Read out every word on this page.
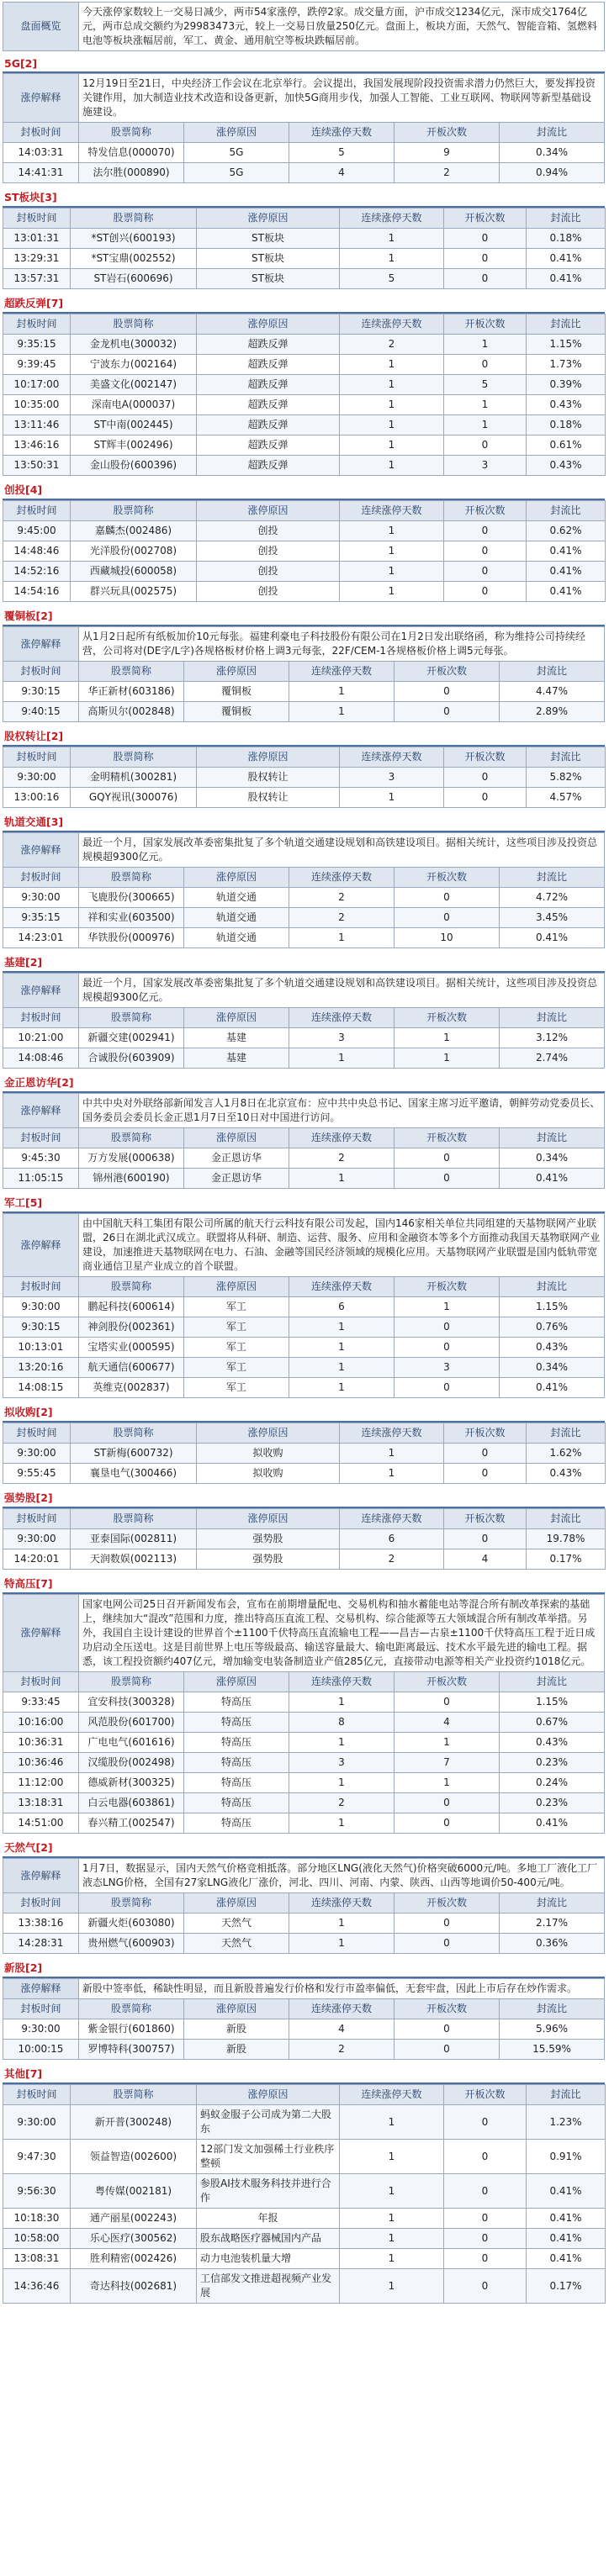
盘面概览	今天涨停家数较上一交易日减少，两市54家涨停，跌停2家。成交量方面，沪市成交1234亿元，深市成交1764亿元，两市总成交额约为29983473元，较上一交易日放量250亿元。盘面上，板块方面，天然气、智能音箱、氢燃料电池等板块涨幅居前，军工、黄金、通用航空等板块跌幅居前。
5G[2]
涨停解释	12月19日至21日，中央经济工作会议在北京举行。会议提出，我国发展现阶段投资需求潜力仍然巨大，要发挥投资关键作用，加大制造业技术改造和设备更新，加快5G商用步伐，加强人工智能、工业互联网、物联网等新型基础设施建设。				
封板时间	股票简称	涨停原因	连续涨停天数	开板次数	封流比
14:03:31	特发信息(000070)	5G	5	9	0.34%
14:41:31	法尔胜(000890)	5G	4	2	0.94%
ST板块[3]
封板时间	股票简称	涨停原因	连续涨停天数	开板次数	封流比
13:01:31	*ST创兴(600193)	ST板块	1	0	0.18%
13:29:31	*ST宝鼎(002552)	ST板块	1	0	0.41%
13:57:31	ST岩石(600696)	ST板块	5	0	0.41%
超跌反弹[7]
封板时间	股票简称	涨停原因	连续涨停天数	开板次数	封流比
9:35:15	金龙机电(300032)	超跌反弹	2	1	1.15%
9:39:45	宁波东力(002164)	超跌反弹	1	0	1.73%
10:17:00	美盛文化(002147)	超跌反弹	1	5	0.39%
10:35:00	深南电A(000037)	超跌反弹	1	1	0.43%
13:11:46	ST中南(002445)	超跌反弹	1	1	0.18%
13:46:16	ST辉丰(002496)	超跌反弹	1	0	0.61%
13:50:31	金山股份(600396)	超跌反弹	1	3	0.43%
创投[4]
封板时间	股票简称	涨停原因	连续涨停天数	开板次数	封流比
9:45:00	嘉麟杰(002486)	创投	1	0	0.62%
14:48:46	光洋股份(002708)	创投	1	0	0.41%
14:52:16	西藏城投(600058)	创投	1	0	0.41%
14:54:16	群兴玩具(002575)	创投	1	0	0.41%
覆铜板[2]
涨停解释	从1月2日起所有纸板加价10元每张。福建利豪电子科技股份有限公司在1月2日发出联络函，称为维持公司持续经营，公司将对(DE字/L字)各规格板材价格上调3元每张，22F/CEM-1各规格板价格上调5元每张。				
封板时间	股票简称	涨停原因	连续涨停天数	开板次数	封流比
9:30:15	华正新材(603186)	覆铜板	1	0	4.47%
9:40:15	高斯贝尔(002848)	覆铜板	1	0	2.89%
股权转让[2]
封板时间	股票简称	涨停原因	连续涨停天数	开板次数	封流比
9:30:00	金明精机(300281)	股权转让	3	0	5.82%
13:00:16	GQY视讯(300076)	股权转让	1	0	4.57%
轨道交通[3]
涨停解释	最近一个月，国家发展改革委密集批复了多个轨道交通建设规划和高铁建设项目。据相关统计，这些项目涉及投资总规模超9300亿元。				
封板时间	股票简称	涨停原因	连续涨停天数	开板次数	封流比
9:30:00	飞鹿股份(300665)	轨道交通	2	0	4.72%
9:35:15	祥和实业(603500)	轨道交通	2	0	3.45%
14:23:01	华铁股份(000976)	轨道交通	1	10	0.41%
基建[2]
涨停解释	最近一个月，国家发展改革委密集批复了多个轨道交通建设规划和高铁建设项目。据相关统计，这些项目涉及投资总规模超9300亿元。				
封板时间	股票简称	涨停原因	连续涨停天数	开板次数	封流比
10:21:00	新疆交建(002941)	基建	3	1	3.12%
14:08:46	合诚股份(603909)	基建	1	1	2.74%
金正恩访华[2]
涨停解释	中共中央对外联络部新闻发言人1月8日在北京宣布：应中共中央总书记、国家主席习近平邀请，朝鲜劳动党委员长、国务委员会委员长金正恩1月7日至10日对中国进行访问。				
封板时间	股票简称	涨停原因	连续涨停天数	开板次数	封流比
9:45:30	万方发展(000638)	金正恩访华	2	0	0.34%
11:05:15	锦州港(600190)	金正恩访华	1	0	0.41%
军工[5]
涨停解释	由中国航天科工集团有限公司所属的航天行云科技有限公司发起，国内146家相关单位共同组建的天基物联网产业联盟，26日在湖北武汉成立。联盟将从科研、制造、运营、服务、应用和金融资本等多个方面推动我国天基物联网产业建设，加速推进天基物联网在电力、石油、金融等国民经济领域的规模化应用。天基物联网产业联盟是国内低轨带宽商业通信卫星产业成立的首个联盟。				
封板时间	股票简称	涨停原因	连续涨停天数	开板次数	封流比
9:30:00	鹏起科技(600614)	军工	6	1	1.15%
9:30:15	神剑股份(002361)	军工	1	0	0.76%
10:13:01	宝塔实业(000595)	军工	1	0	0.43%
13:20:16	航天通信(600677)	军工	1	3	0.34%
14:08:15	英维克(002837)	军工	1	0	0.41%
拟收购[2]
封板时间	股票简称	涨停原因	连续涨停天数	开板次数	封流比
9:30:00	ST新梅(600732)	拟收购	1	0	1.62%
9:55:45	襄垦电气(300466)	拟收购	1	0	0.43%
强势股[2]
封板时间	股票简称	涨停原因	连续涨停天数	开板次数	封流比
9:30:00	亚泰国际(002811)	强势股	6	0	19.78%
14:20:01	天润数娱(002113)	强势股	2	4	0.17%
特高压[7]
涨停解释	国家电网公司25日召开新闻发布会，宣布在前期增量配电、交易机构和抽水蓄能电站等混合所有制改革探索的基础上，继续加大“混改”范围和力度，推出特高压直流工程、交易机构、综合能源等五大领域混合所有制改革举措。另外，我国自主设计建设的世界首个±1100千伏特高压直流输电工程——昌吉—古泉±1100千伏特高压工程于近日成功启动全压送电。这是目前世界上电压等级最高、输送容量最大、输电距离最远、技术水平最先进的输电工程。据悉，该工程投资额约407亿元，增加输变电装备制造业产值285亿元，直接带动电源等相关产业投资约1018亿元。				
封板时间	股票简称	涨停原因	连续涨停天数	开板次数	封流比
9:33:45	宜安科技(300328)	特高压	1	0	1.15%
10:16:00	风范股份(601700)	特高压	8	4	0.67%
10:36:31	广电电气(601616)	特高压	1	1	0.43%
10:36:46	汉缆股份(002498)	特高压	3	7	0.23%
11:12:00	德威新材(300325)	特高压	1	1	0.24%
13:18:31	白云电器(603861)	特高压	2	0	0.23%
14:51:00	春兴精工(002547)	特高压	1	0	0.41%
天然气[2]
涨停解释	1月7日，数据显示，国内天然气价格竞相抵落。部分地区LNG(液化天然气)价格突破6000元/吨。多地工厂液化工厂液态LNG价格，全国有27家LNG液化厂涨价，河北、四川、河南、内蒙、陕西、山西等地调价50-400元/吨。				
封板时间	股票简称	涨停原因	连续涨停天数	开板次数	封流比
13:38:16	新疆火炬(603080)	天然气	1	0	2.17%
14:28:31	贵州燃气(600903)	天然气	1	0	0.36%
新股[2]
涨停解释	新股中签率低，稀缺性明显，而且新股普遍发行价格和发行市盈率偏低，无套牢盘，因此上市后存在炒作需求。				
封板时间	股票简称	涨停原因	连续涨停天数	开板次数	封流比
9:30:00	紫金银行(601860)	新股	4	0	5.96%
10:00:15	罗博特科(300757)	新股	2	0	15.59%
其他[7]
封板时间	股票简称	涨停原因	连续涨停天数	开板次数	封流比
9:30:00	新开普(300248)	蚂蚁金服子公司成为第二大股东	1	0	1.23%
9:47:30	领益智造(002600)	12部门发文加强稀土行业秩序整顿	1	0	0.91%
9:56:30	粤传媒(002181)	参股AI技术服务科技并进行合作	1	0	0.41%
10:18:30	通产丽星(002243)	年报	1	0	0.41%
10:58:00	乐心医疗(300562)	股东战略医疗器械国内产品	1	0	0.41%
13:08:31	胜利精密(002426)	动力电池装机量大增	1	0	0.41%
14:36:46	奇达科技(002681)	工信部发文推进超视频产业发展	1	0	0.17%
